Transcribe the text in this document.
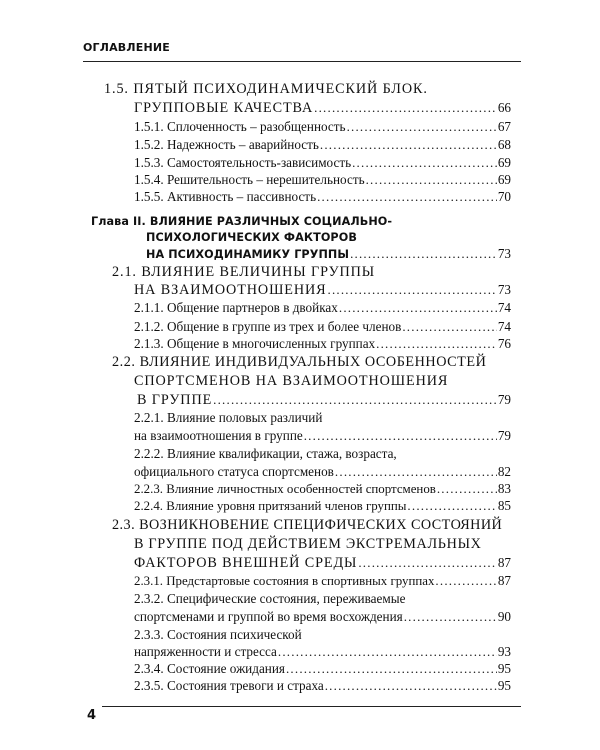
ОГЛАВЛЕНИЕ
1.5. ПЯТЫЙ ПСИХОДИНАМИЧЕСКИЙ БЛОК.
ГРУППОВЫЕ КАЧЕСТВА .....	66
1.5.1. Сплоченность – разобщенность .....	67
1.5.2. Надежность – аварийность .....	68
1.5.3. Самостоятельность-зависимость .....	69
1.5.4. Решительность – нерешительность .....	69
1.5.5. Активность – пассивность .....	70
Глава II. ВЛИЯНИЕ РАЗЛИЧНЫХ СОЦИАЛЬНО-
ПСИХОЛОГИЧЕСКИХ ФАКТОРОВ
НА ПСИХОДИНАМИКУ ГРУППЫ .....	73
2.1. ВЛИЯНИЕ ВЕЛИЧИНЫ ГРУППЫ
НА ВЗАИМООТНОШЕНИЯ .....	73
2.1.1. Общение партнеров в двойках .....	74
2.1.2. Общение в группе из трех и более членов .....	74
2.1.3. Общение в многочисленных группах .....	76
2.2. ВЛИЯНИЕ ИНДИВИДУАЛЬНЫХ ОСОБЕННОСТЕЙ
СПОРТСМЕНОВ НА ВЗАИМООТНОШЕНИЯ
В ГРУППЕ .....	79
2.2.1. Влияние половых различий
на взаимоотношения в группе .....	79
2.2.2. Влияние квалификации, стажа, возраста,
официального статуса спортсменов .....	82
2.2.3. Влияние личностных особенностей спортсменов .....	83
2.2.4. Влияние уровня притязаний членов группы .....	85
2.3. ВОЗНИКНОВЕНИЕ СПЕЦИФИЧЕСКИХ СОСТОЯНИЙ
В ГРУППЕ ПОД ДЕЙСТВИЕМ ЭКСТРЕМАЛЬНЫХ
ФАКТОРОВ ВНЕШНЕЙ СРЕДЫ .....	87
2.3.1. Предстартовые состояния в спортивных группах .....	87
2.3.2. Специфические состояния, переживаемые
спортсменами и группой во время восхождения .....	90
2.3.3. Состояния психической
напряженности и стресса .....	93
2.3.4. Состояние ожидания .....	95
2.3.5. Состояния тревоги и страха .....	95
4
